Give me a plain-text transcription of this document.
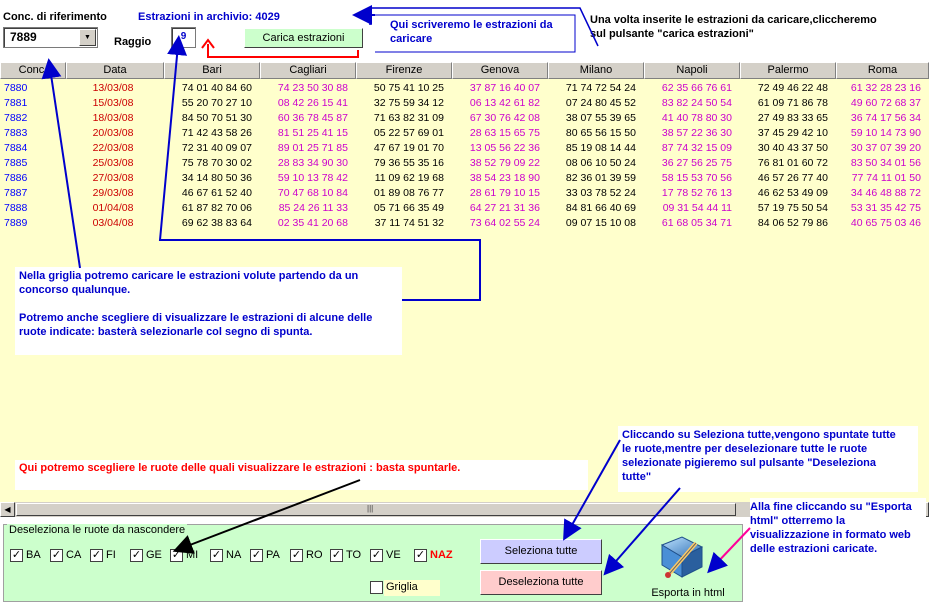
Conc. di riferimento
7889	▼
Estrazioni in archivio: 4029
Raggio	9	Carica estrazioni
Qui scriveremo le estrazioni da
caricare
Una volta inserite le estrazioni da caricare,cliccheremo
sul pulsante "carica estrazioni"
Conc.	Data	Bari	Cagliari	Firenze	Genova	Milano	Napoli	Palermo	Roma
7880	13/03/08	74 01 40 84 60	74 23 50 30 88	50 75 41 10 25	37 87 16 40 07	71 74 72 54 24	62 35 66 76 61	72 49 46 22 48	61 32 28 23 16
7881	15/03/08	55 20 70 27 10	08 42 26 15 41	32 75 59 34 12	06 13 42 61 82	07 24 80 45 52	83 82 24 50 54	61 09 71 86 78	49 60 72 68 37
7882	18/03/08	84 50 70 51 30	60 36 78 45 87	71 63 82 31 09	67 30 76 42 08	38 07 55 39 65	41 40 78 80 30	27 49 83 33 65	36 74 17 56 34
7883	20/03/08	71 42 43 58 26	81 51 25 41 15	05 22 57 69 01	28 63 15 65 75	80 65 56 15 50	38 57 22 36 30	37 45 29 42 10	59 10 14 73 90
7884	22/03/08	72 31 40 09 07	89 01 25 71 85	47 67 19 01 70	13 05 56 22 36	85 19 08 14 44	87 74 32 15 09	30 40 43 37 50	30 37 07 39 20
7885	25/03/08	75 78 70 30 02	28 83 34 90 30	79 36 55 35 16	38 52 79 09 22	08 06 10 50 24	36 27 56 25 75	76 81 01 60 72	83 50 34 01 56
7886	27/03/08	34 14 80 50 36	59 10 13 78 42	11 09 62 19 68	38 54 23 18 90	82 36 01 39 59	58 15 53 70 56	46 57 26 77 40	77 74 11 01 50
7887	29/03/08	46 67 61 52 40	70 47 68 10 84	01 89 08 76 77	28 61 79 10 15	33 03 78 52 24	17 78 52 76 13	46 62 53 49 09	34 46 48 88 72
7888	01/04/08	61 87 82 70 06	85 24 26 11 33	05 71 66 35 49	64 27 21 31 36	84 81 66 40 69	09 31 54 44 11	57 19 75 50 54	53 31 35 42 75
7889	03/04/08	69 62 38 83 64	02 35 41 20 68	37 11 74 51 32	73 64 02 55 24	09 07 15 10 08	61 68 05 34 71	84 06 52 79 86	40 65 75 03 46
Nella griglia potremo caricare le estrazioni volute partendo da un
concorso qualunque.
Potremo anche scegliere di visualizzare le estrazioni di alcune delle
ruote indicate: basterà selezionarle col segno di spunta.
Qui potremo scegliere le ruote delle quali visualizzare le estrazioni : basta spuntarle.
Cliccando su Seleziona tutte,vengono spuntate tutte
le ruote,mentre per deselezionare tutte le ruote
selezionate pigieremo sul pulsante "Deseleziona
tutte"
◀	|||
Deseleziona le ruote da nascondere
✓ BA ✓ CA ✓ FI ✓ GE ✓ MI ✓ NA ✓ PA ✓ RO ✓ TO ✓ VE ✓ NAZ
Griglia
Seleziona tutte
Deseleziona tutte
Esporta in html
Alla fine cliccando su "Esporta
html" otterremo la
visualizzazione in formato web
delle estrazioni caricate.
